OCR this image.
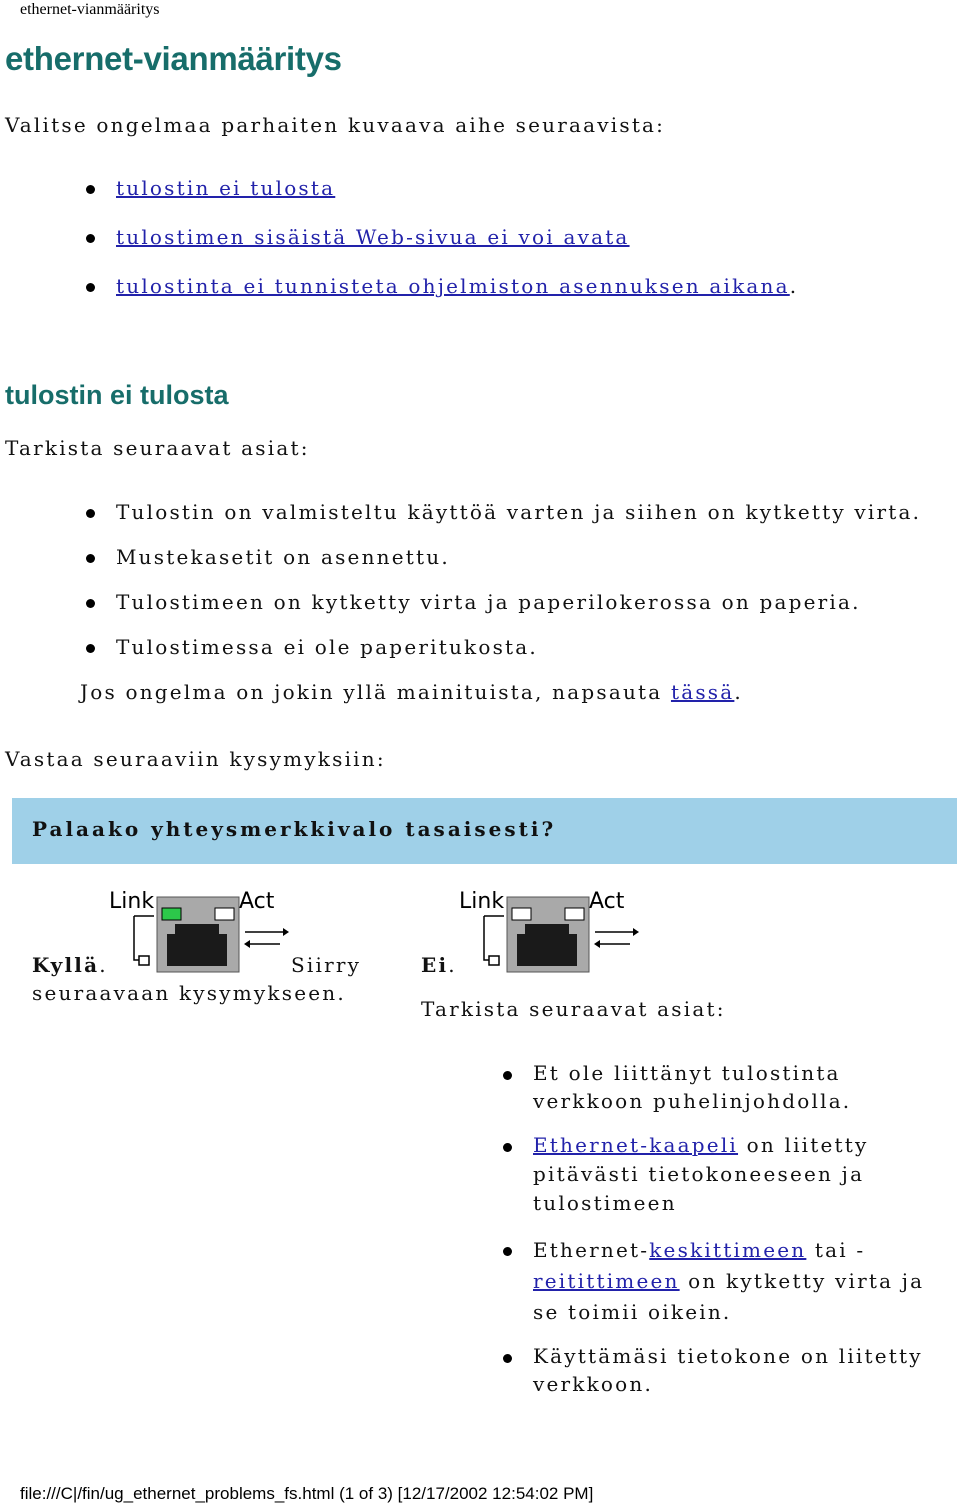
ethernet-vianmääritys
ethernet-vianmääritys
Valitse ongelmaa parhaiten kuvaava aihe seuraavista:
tulostin ei tulosta
tulostimen sisäistä Web-sivua ei voi avata
tulostinta ei tunnisteta ohjelmiston asennuksen aikana.
tulostin ei tulosta
Tarkista seuraavat asiat:
Tulostin on valmisteltu käyttöä varten ja siihen on kytketty virta.
Mustekasetit on asennettu.
Tulostimeen on kytketty virta ja paperilokerossa on paperia.
Tulostimessa ei ole paperitukosta.
Jos ongelma on jokin yllä mainituista, napsauta tässä.
Vastaa seuraaviin kysymyksiin:
Palaako yhteysmerkkivalo tasaisesti?
Link	Act	Link	Act
Kyllä.	Siirry
seuraavaan kysymykseen.
Ei.
Tarkista seuraavat asiat:
Et ole liittänyt tulostinta verkkoon puhelinjohdolla.
Ethernet-kaapeli on liitetty pitävästi tietokoneeseen ja tulostimeen
Ethernet-keskittimeen tai - reitittimeen on kytketty virta ja se toimii oikein.
Käyttämäsi tietokone on liitetty verkkoon.
file:///C|/fin/ug_ethernet_problems_fs.html (1 of 3) [12/17/2002 12:54:02 PM]
